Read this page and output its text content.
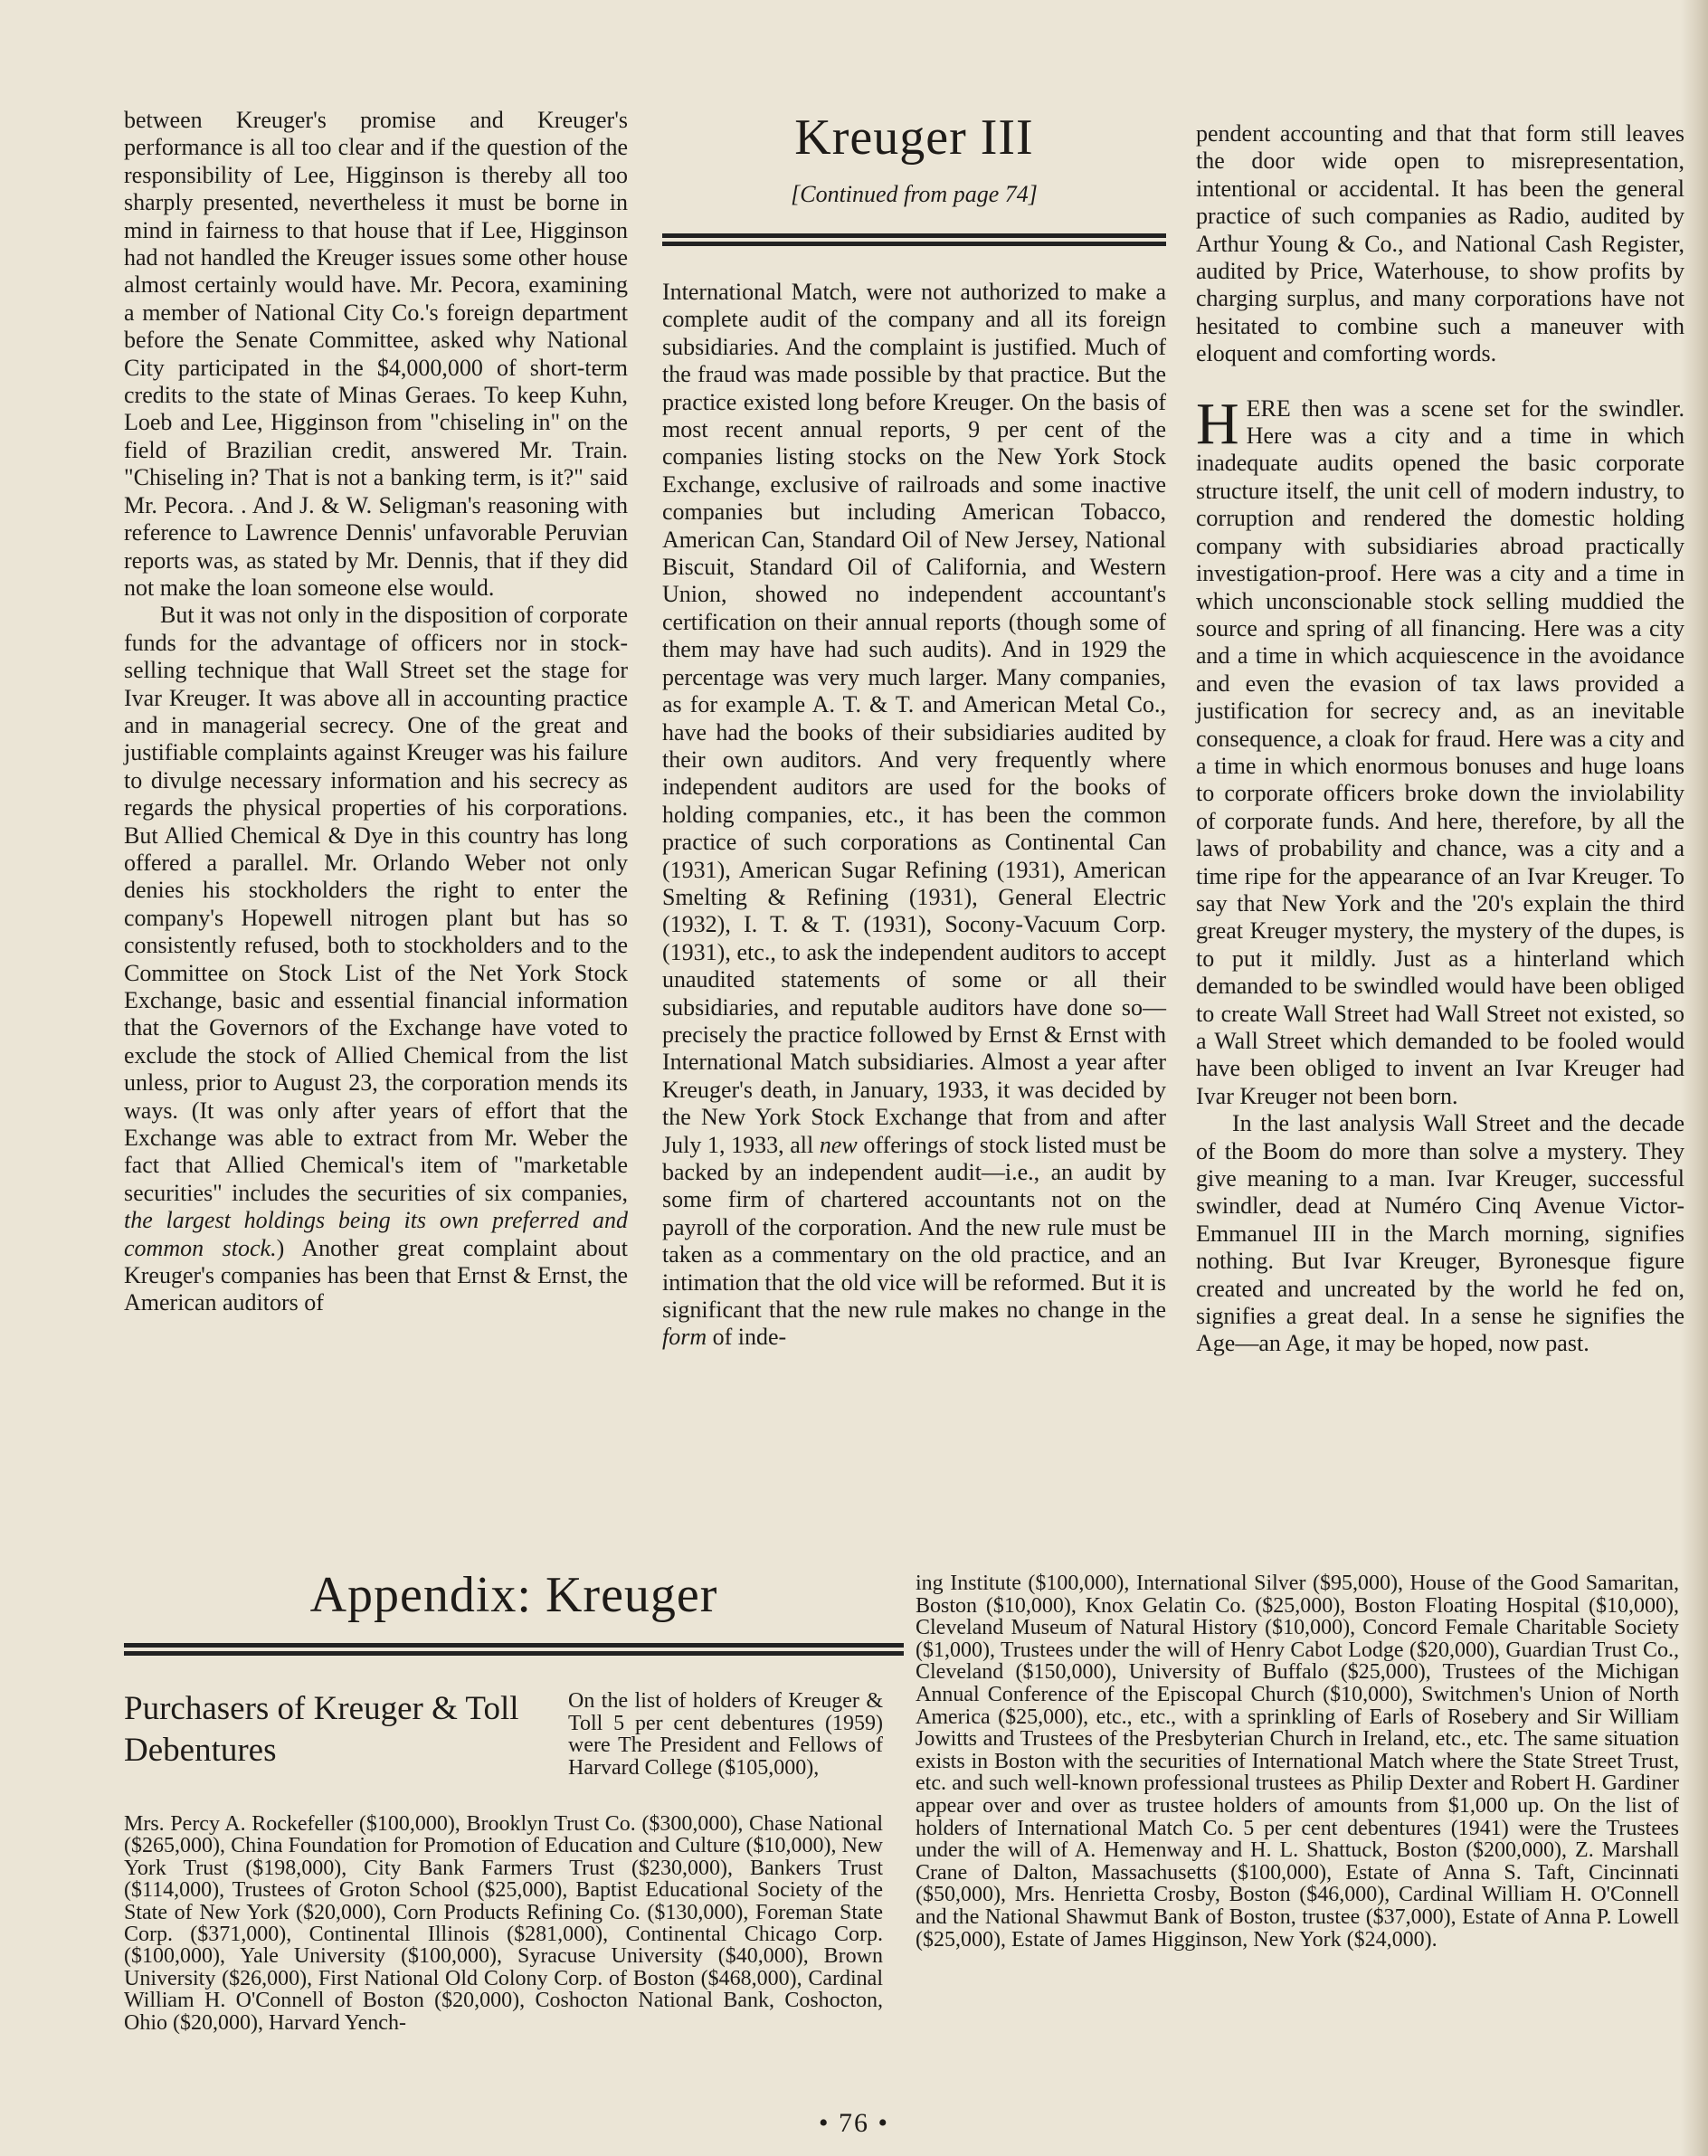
between Kreuger's promise and Kreuger's performance is all too clear and if the question of the responsibility of Lee, Higginson is thereby all too sharply presented, nevertheless it must be borne in mind in fairness to that house that if Lee, Higginson had not handled the Kreuger issues some other house almost certainly would have. Mr. Pecora, examining a member of National City Co.'s foreign department before the Senate Committee, asked why National City participated in the $4,000,000 of short-term credits to the state of Minas Geraes. To keep Kuhn, Loeb and Lee, Higginson from "chiseling in" on the field of Brazilian credit, answered Mr. Train. "Chiseling in? That is not a banking term, is it?" said Mr. Pecora. . And J. & W. Seligman's reasoning with reference to Lawrence Dennis' unfavorable Peruvian reports was, as stated by Mr. Dennis, that if they did not make the loan someone else would.

But it was not only in the disposition of corporate funds for the advantage of officers nor in stock-selling technique that Wall Street set the stage for Ivar Kreuger. It was above all in accounting practice and in managerial secrecy. One of the great and justifiable complaints against Kreuger was his failure to divulge necessary information and his secrecy as regards the physical properties of his corporations. But Allied Chemical & Dye in this country has long offered a parallel. Mr. Orlando Weber not only denies his stockholders the right to enter the company's Hopewell nitrogen plant but has so consistently refused, both to stockholders and to the Committee on Stock List of the Net York Stock Exchange, basic and essential financial information that the Governors of the Exchange have voted to exclude the stock of Allied Chemical from the list unless, prior to August 23, the corporation mends its ways. (It was only after years of effort that the Exchange was able to extract from Mr. Weber the fact that Allied Chemical's item of "marketable securities" includes the securities of six companies, the largest holdings being its own preferred and common stock.) Another great complaint about Kreuger's companies has been that Ernst & Ernst, the American auditors of

Kreuger III
[Continued from page 74]

International Match, were not authorized to make a complete audit of the company and all its foreign subsidiaries. And the complaint is justified. Much of the fraud was made possible by that practice. But the practice existed long before Kreuger. On the basis of most recent annual reports, 9 per cent of the companies listing stocks on the New York Stock Exchange, exclusive of railroads and some inactive companies but including American Tobacco, American Can, Standard Oil of New Jersey, National Biscuit, Standard Oil of California, and Western Union, showed no independent accountant's certification on their annual reports (though some of them may have had such audits). And in 1929 the percentage was very much larger. Many companies, as for example A. T. & T. and American Metal Co., have had the books of their subsidiaries audited by their own auditors. And very frequently where independent auditors are used for the books of holding companies, etc., it has been the common practice of such corporations as Continental Can (1931), American Sugar Refining (1931), American Smelting & Refining (1931), General Electric (1932), I. T. & T. (1931), Socony-Vacuum Corp. (1931), etc., to ask the independent auditors to accept unaudited statements of some or all their subsidiaries, and reputable auditors have done so—precisely the practice followed by Ernst & Ernst with International Match subsidiaries. Almost a year after Kreuger's death, in January, 1933, it was decided by the New York Stock Exchange that from and after July 1, 1933, all new offerings of stock listed must be backed by an independent audit—i.e., an audit by some firm of chartered accountants not on the payroll of the corporation. And the new rule must be taken as a commentary on the old practice, and an intimation that the old vice will be reformed. But it is significant that the new rule makes no change in the form of inde-

pendent accounting and that that form still leaves the door wide open to misrepresentation, intentional or accidental. It has been the general practice of such companies as Radio, audited by Arthur Young & Co., and National Cash Register, audited by Price, Waterhouse, to show profits by charging surplus, and many corporations have not hesitated to combine such a maneuver with eloquent and comforting words.

HERE then was a scene set for the swindler. Here was a city and a time in which inadequate audits opened the basic corporate structure itself, the unit cell of modern industry, to corruption and rendered the domestic holding company with subsidiaries abroad practically investigation-proof. Here was a city and a time in which unconscionable stock selling muddied the source and spring of all financing. Here was a city and a time in which acquiescence in the avoidance and even the evasion of tax laws provided a justification for secrecy and, as an inevitable consequence, a cloak for fraud. Here was a city and a time in which enormous bonuses and huge loans to corporate officers broke down the inviolability of corporate funds. And here, therefore, by all the laws of probability and chance, was a city and a time ripe for the appearance of an Ivar Kreuger. To say that New York and the '20's explain the third great Kreuger mystery, the mystery of the dupes, is to put it mildly. Just as a hinterland which demanded to be swindled would have been obliged to create Wall Street had Wall Street not existed, so a Wall Street which demanded to be fooled would have been obliged to invent an Ivar Kreuger had Ivar Kreuger not been born.

In the last analysis Wall Street and the decade of the Boom do more than solve a mystery. They give meaning to a man. Ivar Kreuger, successful swindler, dead at Numéro Cinq Avenue Victor-Emmanuel III in the March morning, signifies nothing. But Ivar Kreuger, Byronesque figure created and uncreated by the world he fed on, signifies a great deal. In a sense he signifies the Age—an Age, it may be hoped, now past.

Appendix: Kreuger
Purchasers of Kreuger & Toll Debentures

On the list of holders of Kreuger & Toll 5 per cent debentures (1959) were The President and Fellows of Harvard College ($105,000),

Mrs. Percy A. Rockefeller ($100,000), Brooklyn Trust Co. ($300,000), Chase National ($265,000), China Foundation for Promotion of Education and Culture ($10,000), New York Trust ($198,000), City Bank Farmers Trust ($230,000), Bankers Trust ($114,000), Trustees of Groton School ($25,000), Baptist Educational Society of the State of New York ($20,000), Corn Products Refining Co. ($130,000), Foreman State Corp. ($371,000), Continental Illinois ($281,000), Continental Chicago Corp. ($100,000), Yale University ($100,000), Syracuse University ($40,000), Brown University ($26,000), First National Old Colony Corp. of Boston ($468,000), Cardinal William H. O'Connell of Boston ($20,000), Coshocton National Bank, Coshocton, Ohio ($20,000), Harvard Yench-

ing Institute ($100,000), International Silver ($95,000), House of the Good Samaritan, Boston ($10,000), Knox Gelatin Co. ($25,000), Boston Floating Hospital ($10,000), Cleveland Museum of Natural History ($10,000), Concord Female Charitable Society ($1,000), Trustees under the will of Henry Cabot Lodge ($20,000), Guardian Trust Co., Cleveland ($150,000), University of Buffalo ($25,000), Trustees of the Michigan Annual Conference of the Episcopal Church ($10,000), Switchmen's Union of North America ($25,000), etc., etc., with a sprinkling of Earls of Rosebery and Sir William Jowitts and Trustees of the Presbyterian Church in Ireland, etc., etc. The same situation exists in Boston with the securities of International Match where the State Street Trust, etc. and such well-known professional trustees as Philip Dexter and Robert H. Gardiner appear over and over as trustee holders of amounts from $1,000 up. On the list of holders of International Match Co. 5 per cent debentures (1941) were the Trustees under the will of A. Hemenway and H. L. Shattuck, Boston ($200,000), Z. Marshall Crane of Dalton, Massachusetts ($100,000), Estate of Anna S. Taft, Cincinnati ($50,000), Mrs. Henrietta Crosby, Boston ($46,000), Cardinal William H. O'Connell and the National Shawmut Bank of Boston, trustee ($37,000), Estate of Anna P. Lowell ($25,000), Estate of James Higginson, New York ($24,000).

• 76 •
